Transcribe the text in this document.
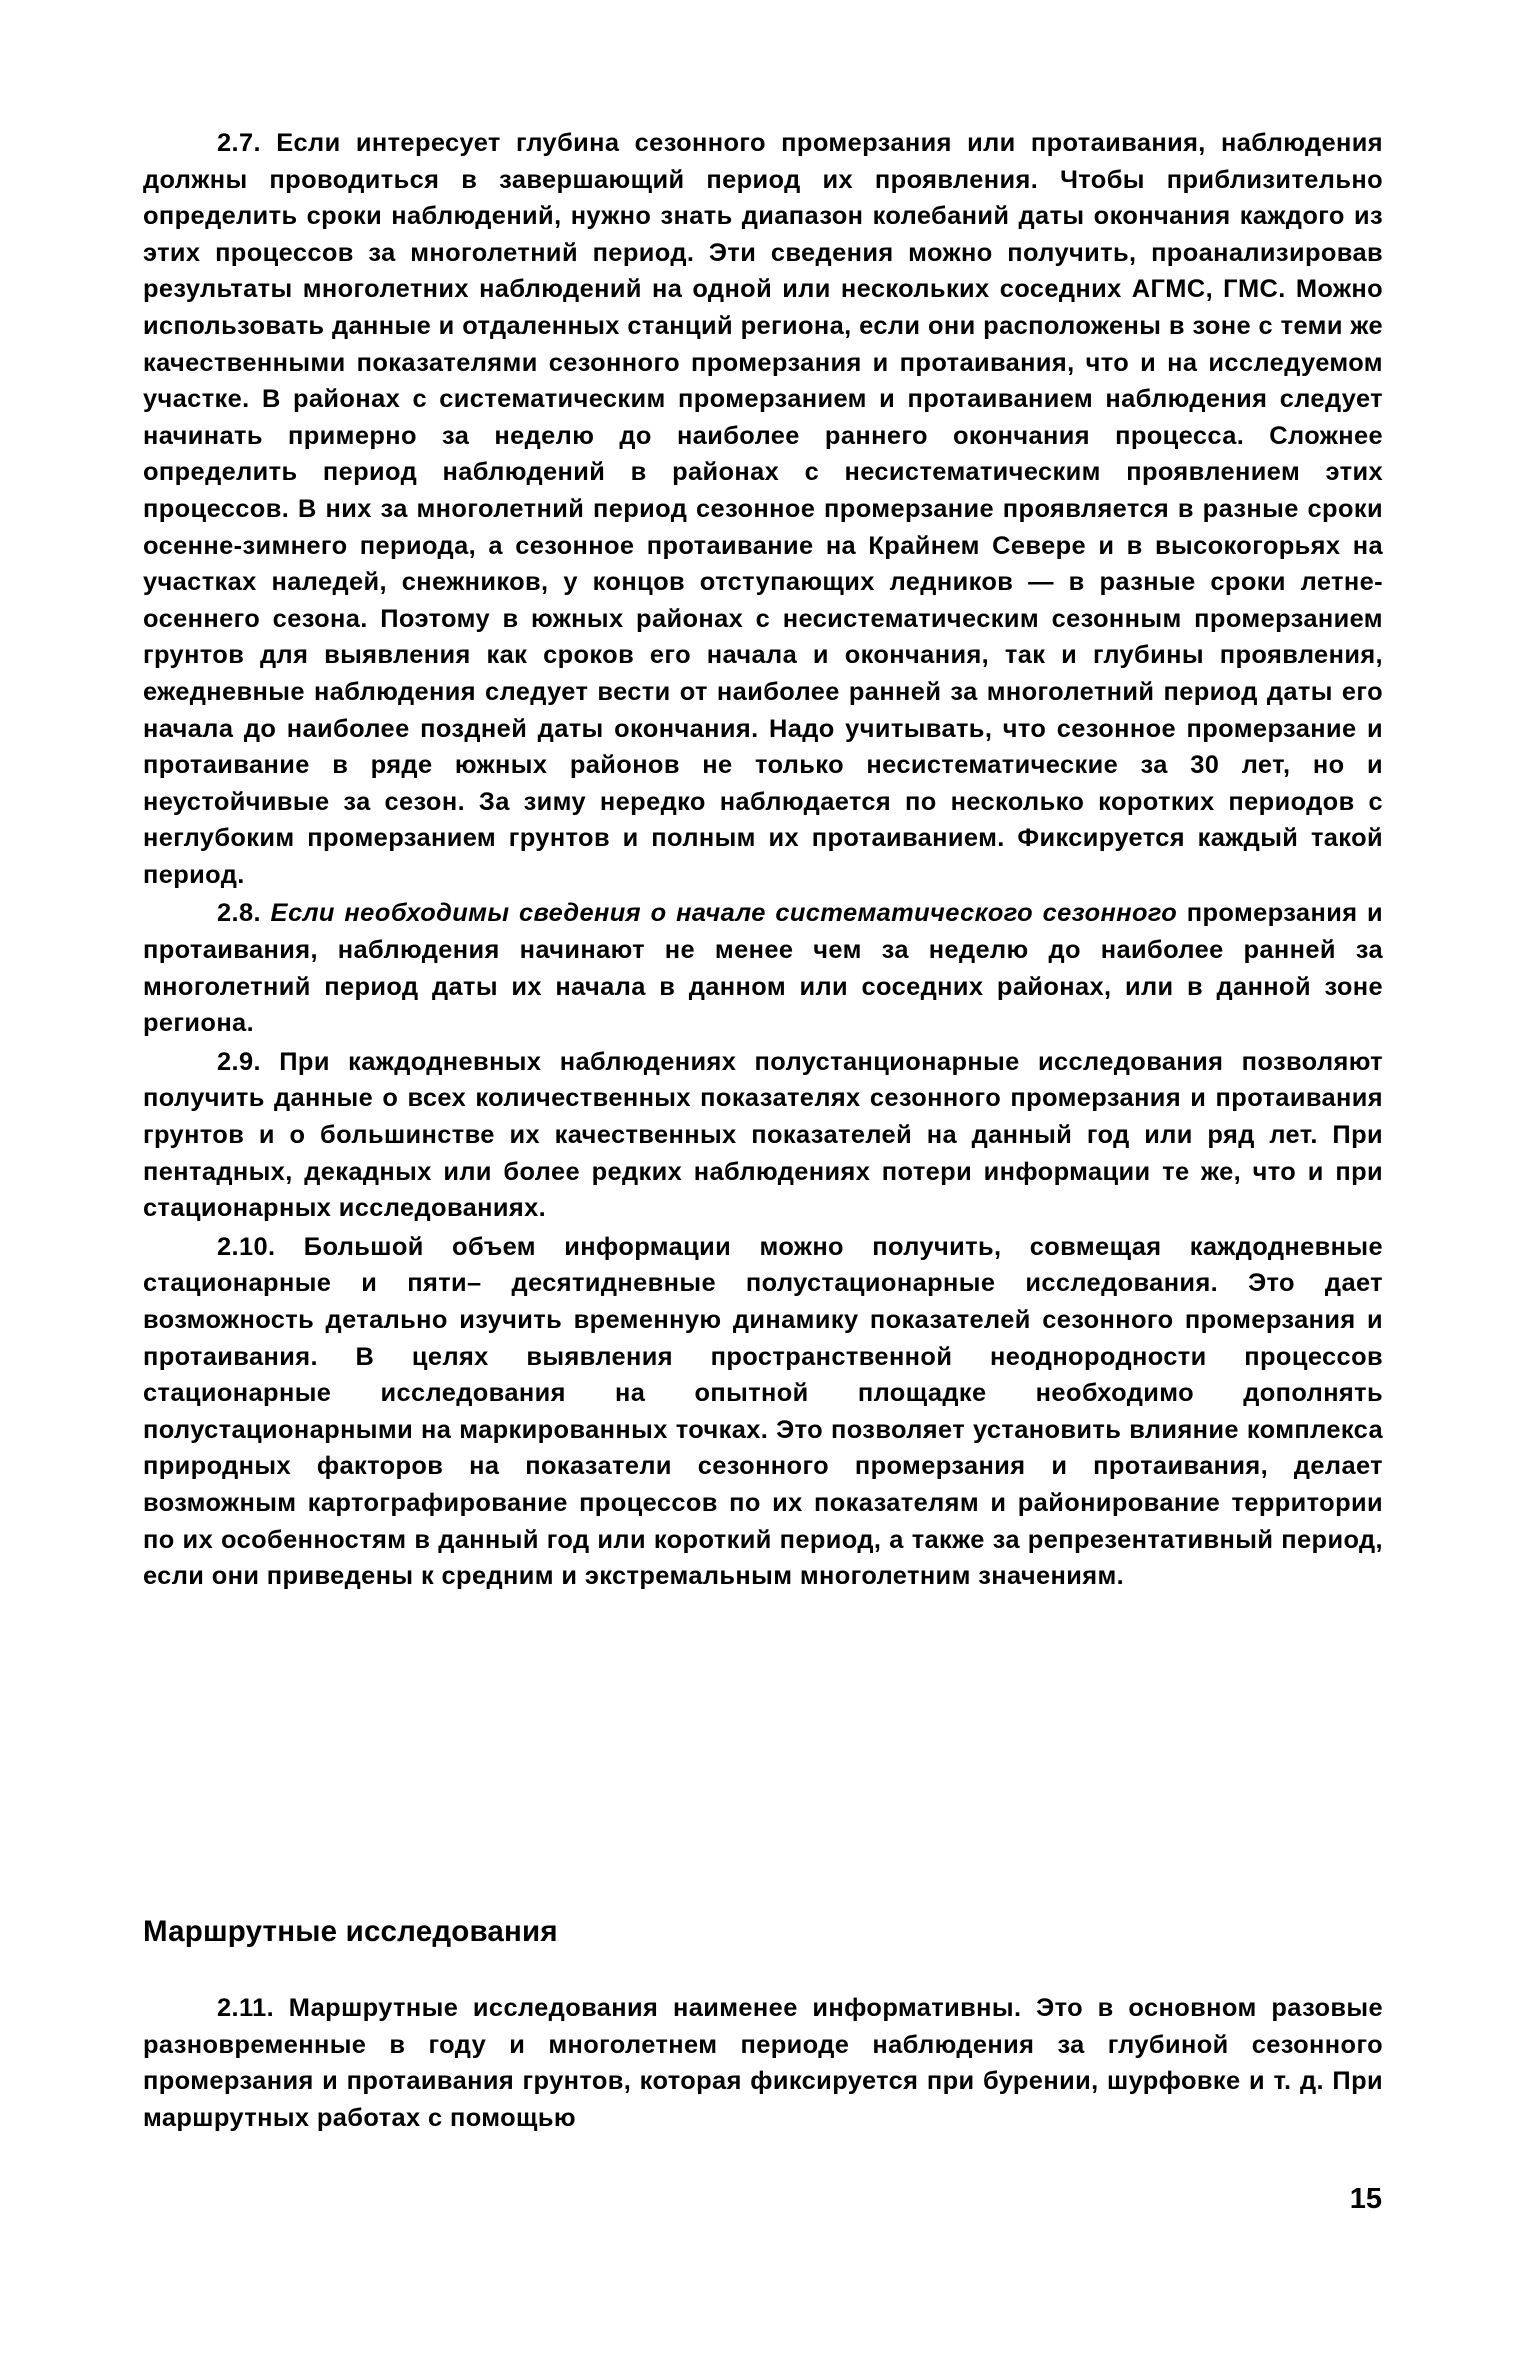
2.7. Если интересует глубина сезонного промерзания или протаивания, наблюдения должны проводиться в завершающий период их проявления. Чтобы приблизительно определить сроки наблюдений, нужно знать диапазон колебаний даты окончания каждого из этих процессов за многолетний период. Эти сведения можно получить, проанализировав результаты многолетних наблюдений на одной или нескольких соседних АГМС, ГМС. Можно использовать данные и отдаленных станций региона, если они расположены в зоне с теми же качественными показателями сезонного промерзания и протаивания, что и на исследуемом участке. В районах с систематическим промерзанием и протаиванием наблюдения следует начинать примерно за неделю до наиболее раннего окончания процесса. Сложнее определить период наблюдений в районах с несистематическим проявлением этих процессов. В них за многолетний период сезонное промерзание проявляется в разные сроки осенне-зимнего периода, а сезонное протаивание на Крайнем Севере и в высокогорьях на участках наледей, снежников, у концов отступающих ледников — в разные сроки летне-осеннего сезона. Поэтому в южных районах с несистематическим сезонным промерзанием грунтов для выявления как сроков его начала и окончания, так и глубины проявления, ежедневные наблюдения следует вести от наиболее ранней за многолетний период даты его начала до наиболее поздней даты окончания. Надо учитывать, что сезонное промерзание и протаивание в ряде южных районов не только несистематические за 30 лет, но и неустойчивые за сезон. За зиму нередко наблюдается по несколько коротких периодов с неглубоким промерзанием грунтов и полным их протаиванием. Фиксируется каждый такой период.

2.8. Если необходимы сведения о начале систематического сезонного промерзания и протаивания, наблюдения начинают не менее чем за неделю до наиболее ранней за многолетний период даты их начала в данном или соседних районах, или в данной зоне региона.

2.9. При каждодневных наблюдениях полустанционарные исследования позволяют получить данные о всех количественных показателях сезонного промерзания и протаивания грунтов и о большинстве их качественных показателей на данный год или ряд лет. При пентадных, декадных или более редких наблюдениях потери информации те же, что и при стационарных исследованиях.

2.10. Большой объем информации можно получить, совмещая каждодневные стационарные и пяти– десятидневные полустационарные исследования. Это дает возможность детально изучить временную динамику показателей сезонного промерзания и протаивания. В целях выявления пространственной неоднородности процессов стационарные исследования на опытной площадке необходимо дополнять полустационарными на маркированных точках. Это позволяет установить влияние комплекса природных факторов на показатели сезонного промерзания и протаивания, делает возможным картографирование процессов по их показателям и районирование территории по их особенностям в данный год или короткий период, а также за репрезентативный период, если они приведены к средним и экстремальным многолетним значениям.

Маршрутные исследования

2.11. Маршрутные исследования наименее информативны. Это в основном разовые разновременные в году и многолетнем периоде наблюдения за глубиной сезонного промерзания и протаивания грунтов, которая фиксируется при бурении, шурфовке и т. д. При маршрутных работах с помощью

15
